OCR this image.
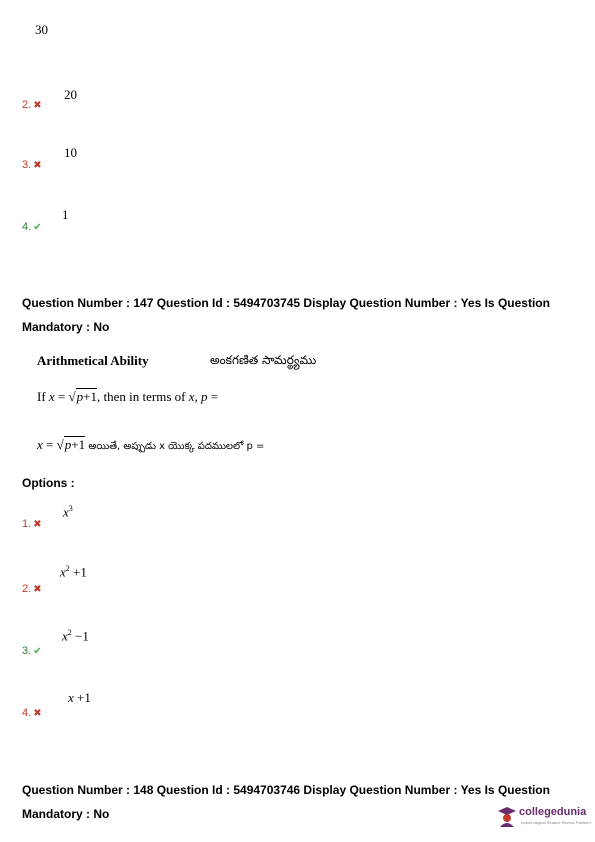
30
2. ✖
20
3. ✖
10
4. ✔
1
Question Number : 147 Question Id : 5494703745 Display Question Number : Yes Is Question
Mandatory : No
Arithmetical Ability	అంకగణిత సామర్థ్యము
If x = √p+1, then in terms of x, p =
x = √p+1 అయితే, అప్పుడు x యొక్క పదములలో p =
Options :
1. ✖
$x^3$
2. ✖
$x^2 +1$
3. ✔
$x^2 -1$
4. ✖
x +1
Question Number : 148 Question Id : 5494703746 Display Question Number : Yes Is Question
Mandatory : No	collegedunia
India's largest Student Review Platform
